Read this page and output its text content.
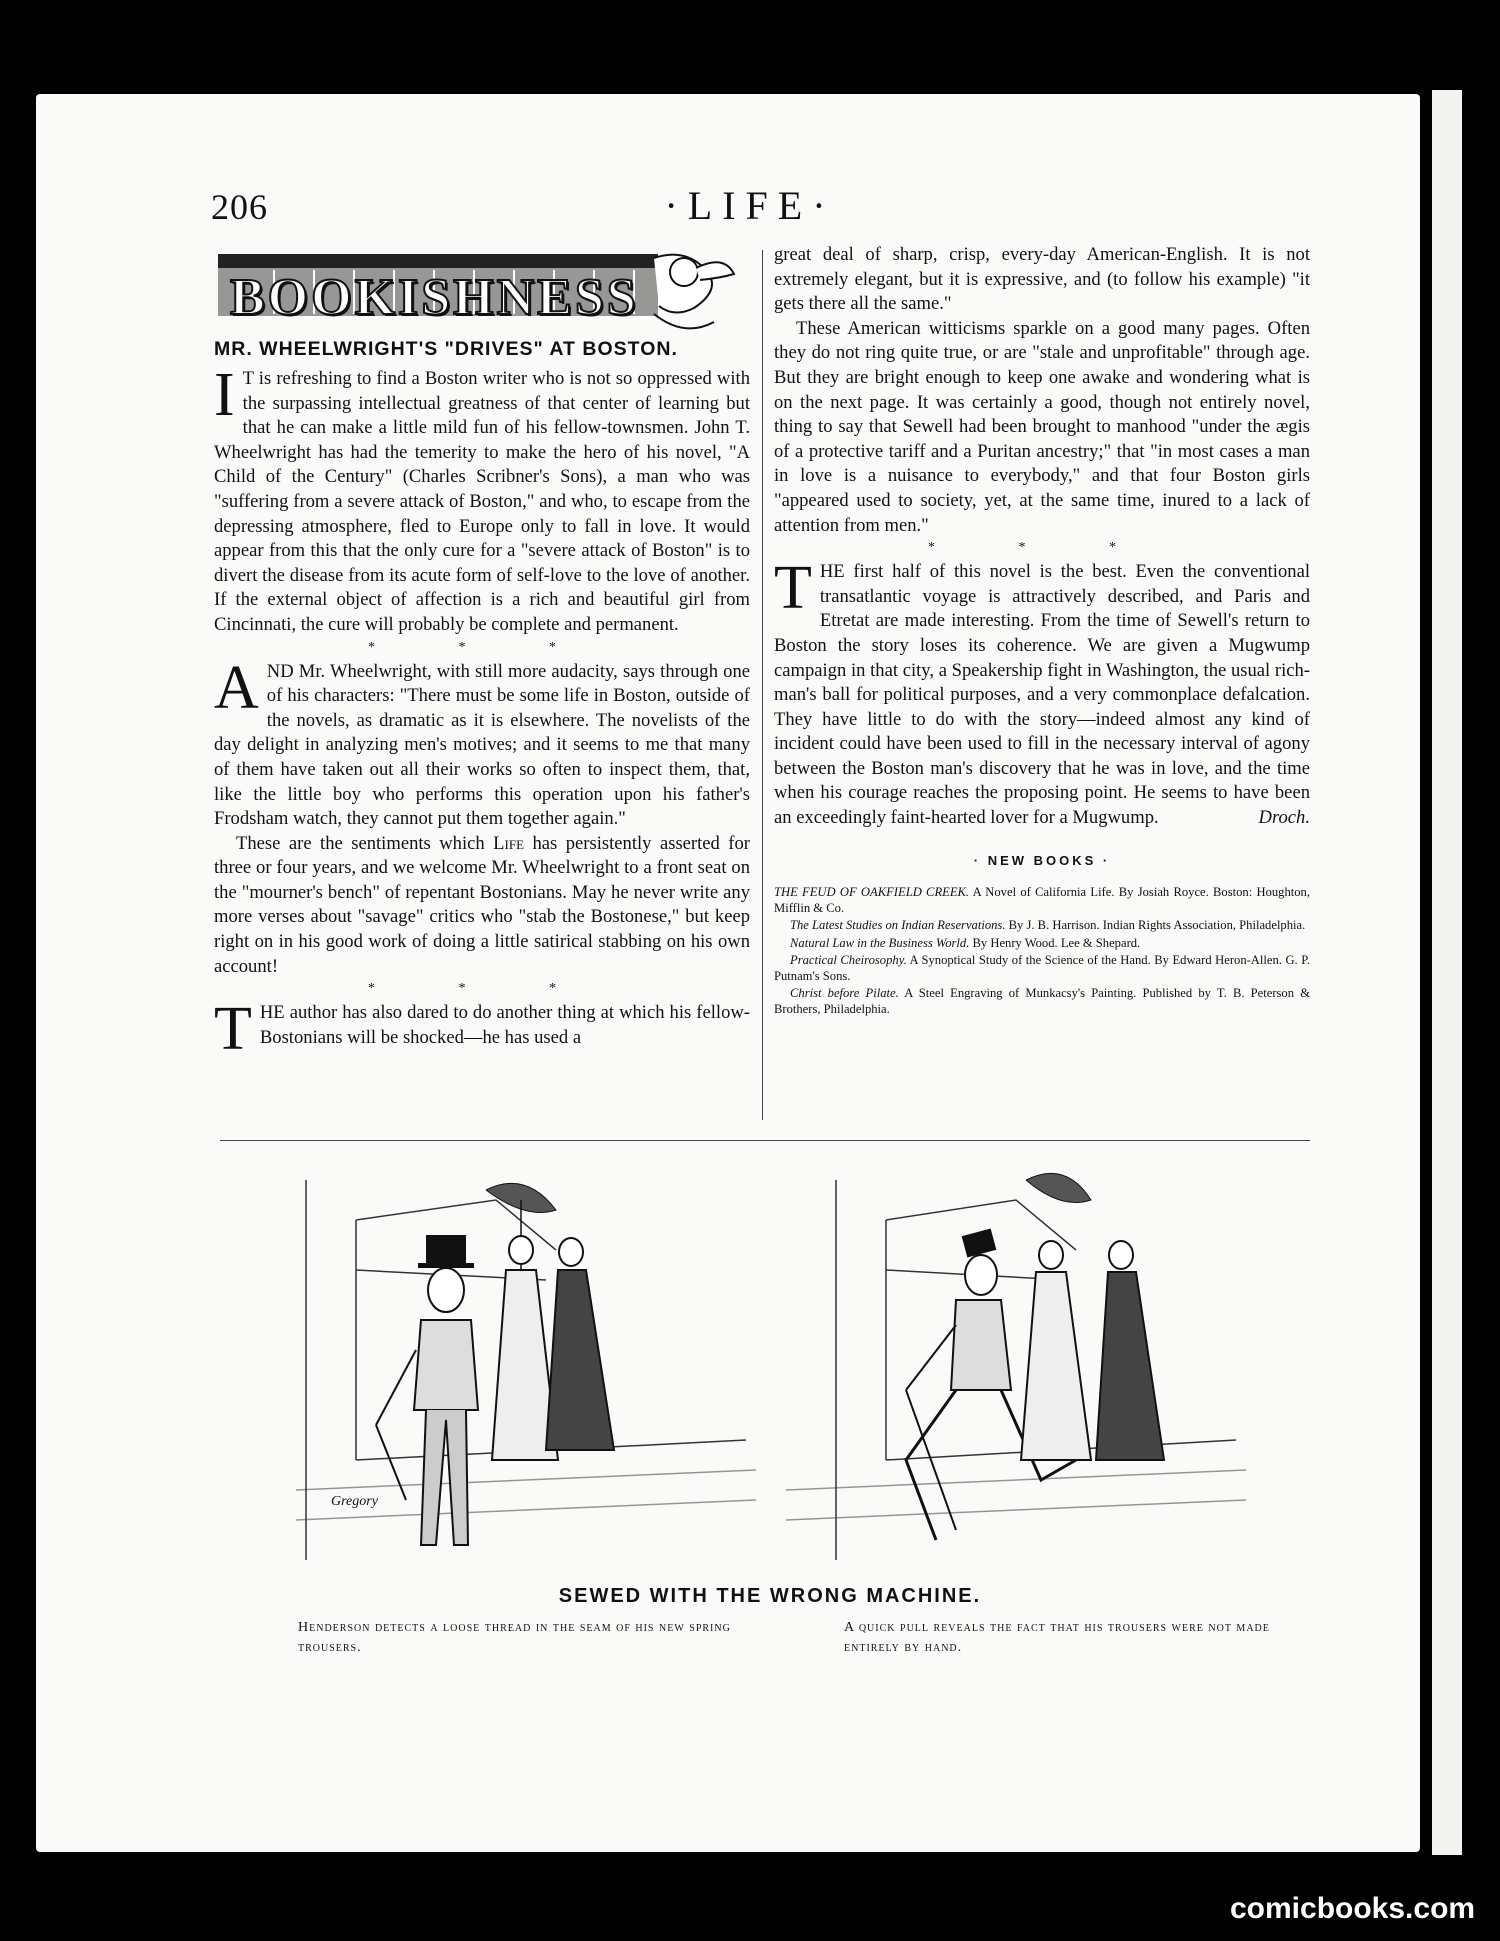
206	·LIFE·
BOOKISHNESS
MR. WHEELWRIGHT'S "DRIVES" AT BOSTON.

I T is refreshing to find a Boston writer who is not so oppressed with the surpassing intellectual greatness of that center of learning but that he can make a little mild fun of his fellow-townsmen. John T. Wheelwright has had the temerity to make the hero of his novel, "A Child of the Century" (Charles Scribner's Sons), a man who was "suffering from a severe attack of Boston," and who, to escape from the depressing atmosphere, fled to Europe only to fall in love. It would appear from this that the only cure for a "severe attack of Boston" is to divert the disease from its acute form of self-love to the love of another. If the external object of affection is a rich and beautiful girl from Cincinnati, the cure will probably be complete and permanent.

* * *

AND Mr. Wheelwright, with still more audacity, says through one of his characters: "There must be some life in Boston, outside of the novels, as dramatic as it is elsewhere. The novelists of the day delight in analyzing men's motives; and it seems to me that many of them have taken out all their works so often to inspect them, that, like the little boy who performs this operation upon his father's Frodsham watch, they cannot put them together again."

These are the sentiments which Life has persistently asserted for three or four years, and we welcome Mr. Wheelwright to a front seat on the "mourner's bench" of repentant Bostonians. May he never write any more verses about "savage" critics who "stab the Bostonese," but keep right on in his good work of doing a little satirical stabbing on his own account!

* * *

THE author has also dared to do another thing at which his fellow-Bostonians will be shocked—he has used a

great deal of sharp, crisp, every-day American-English. It is not extremely elegant, but it is expressive, and (to follow his example) "it gets there all the same."

These American witticisms sparkle on a good many pages. Often they do not ring quite true, or are "stale and unprofitable" through age. But they are bright enough to keep one awake and wondering what is on the next page. It was certainly a good, though not entirely novel, thing to say that Sewell had been brought to manhood "under the ægis of a protective tariff and a Puritan ancestry;" that "in most cases a man in love is a nuisance to everybody," and that four Boston girls "appeared used to society, yet, at the same time, inured to a lack of attention from men."

* * *

THE first half of this novel is the best. Even the conventional transatlantic voyage is attractively described, and Paris and Etretat are made interesting. From the time of Sewell's return to Boston the story loses its coherence. We are given a Mugwump campaign in that city, a Speakership fight in Washington, the usual rich-man's ball for political purposes, and a very commonplace defalcation. They have little to do with the story—indeed almost any kind of incident could have been used to fill in the necessary interval of agony between the Boston man's discovery that he was in love, and the time when his courage reaches the proposing point. He seems to have been an exceedingly faint-hearted lover for a Mugwump.	Droch.

· NEW BOOKS ·

THE FEUD OF OAKFIELD CREEK. A Novel of California Life. By Josiah Royce. Boston: Houghton, Mifflin & Co.

The Latest Studies on Indian Reservations. By J. B. Harrison. Indian Rights Association, Philadelphia.

Natural Law in the Business World. By Henry Wood. Lee & Shepard.

Practical Cheirosophy. A Synoptical Study of the Science of the Hand. By Edward Heron-Allen. G. P. Putnam's Sons.

Christ before Pilate. A Steel Engraving of Munkacsy's Painting. Published by T. B. Peterson & Brothers, Philadelphia.

Gregory
SEWED WITH THE WRONG MACHINE.
Henderson detects a loose thread in the seam of his new spring trousers.
A quick pull reveals the fact that his trousers were not made entirely by hand.
comicbooks.com
